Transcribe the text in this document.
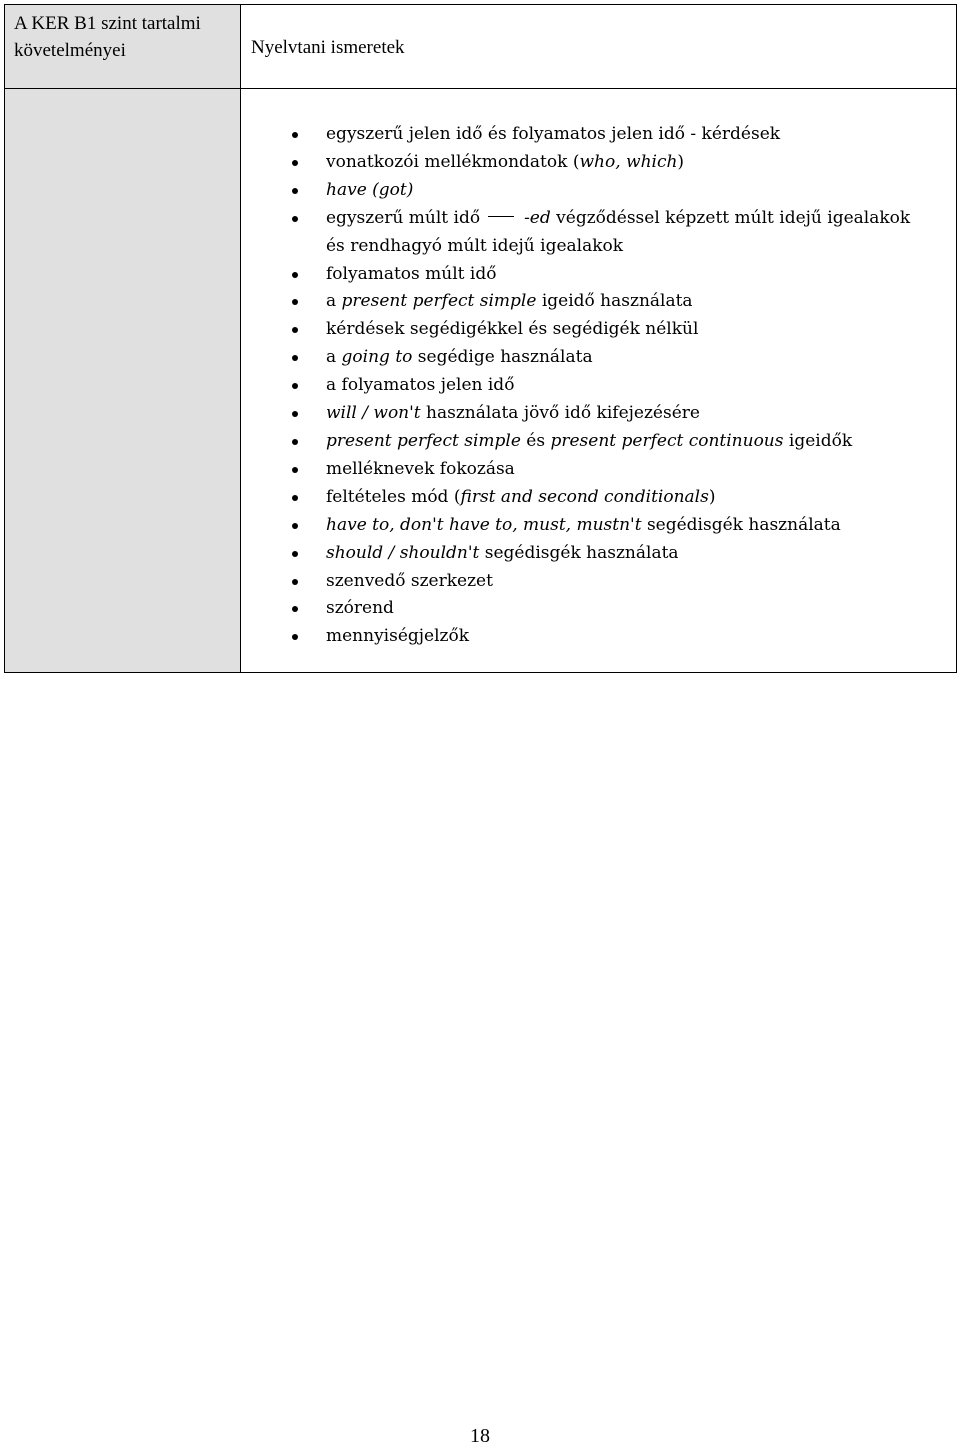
A KER B1 szint tartalmi követelményei	Nyelvtani ismeretek
egyszerű jelen idő és folyamatos jelen idő - kérdések
vonatkozói mellékmondatok (who, which)
have (got)
egyszerű múlt idő	-ed végződéssel képzett múlt idejű igealakok
és rendhagyó múlt idejű igealakok
folyamatos múlt idő
a present perfect simple igeidő használata
kérdések segédigékkel és segédigék nélkül
a going to segédige használata
a folyamatos jelen idő
will / won't használata jövő idő kifejezésére
present perfect simple és present perfect continuous igeidők
melléknevek fokozása
feltételes mód (first and second conditionals)
have to, don't have to, must, mustn't segédisgék használata
should / shouldn't segédisgék használata
szenvedő szerkezet
szórend
mennyiségjelzők
18
